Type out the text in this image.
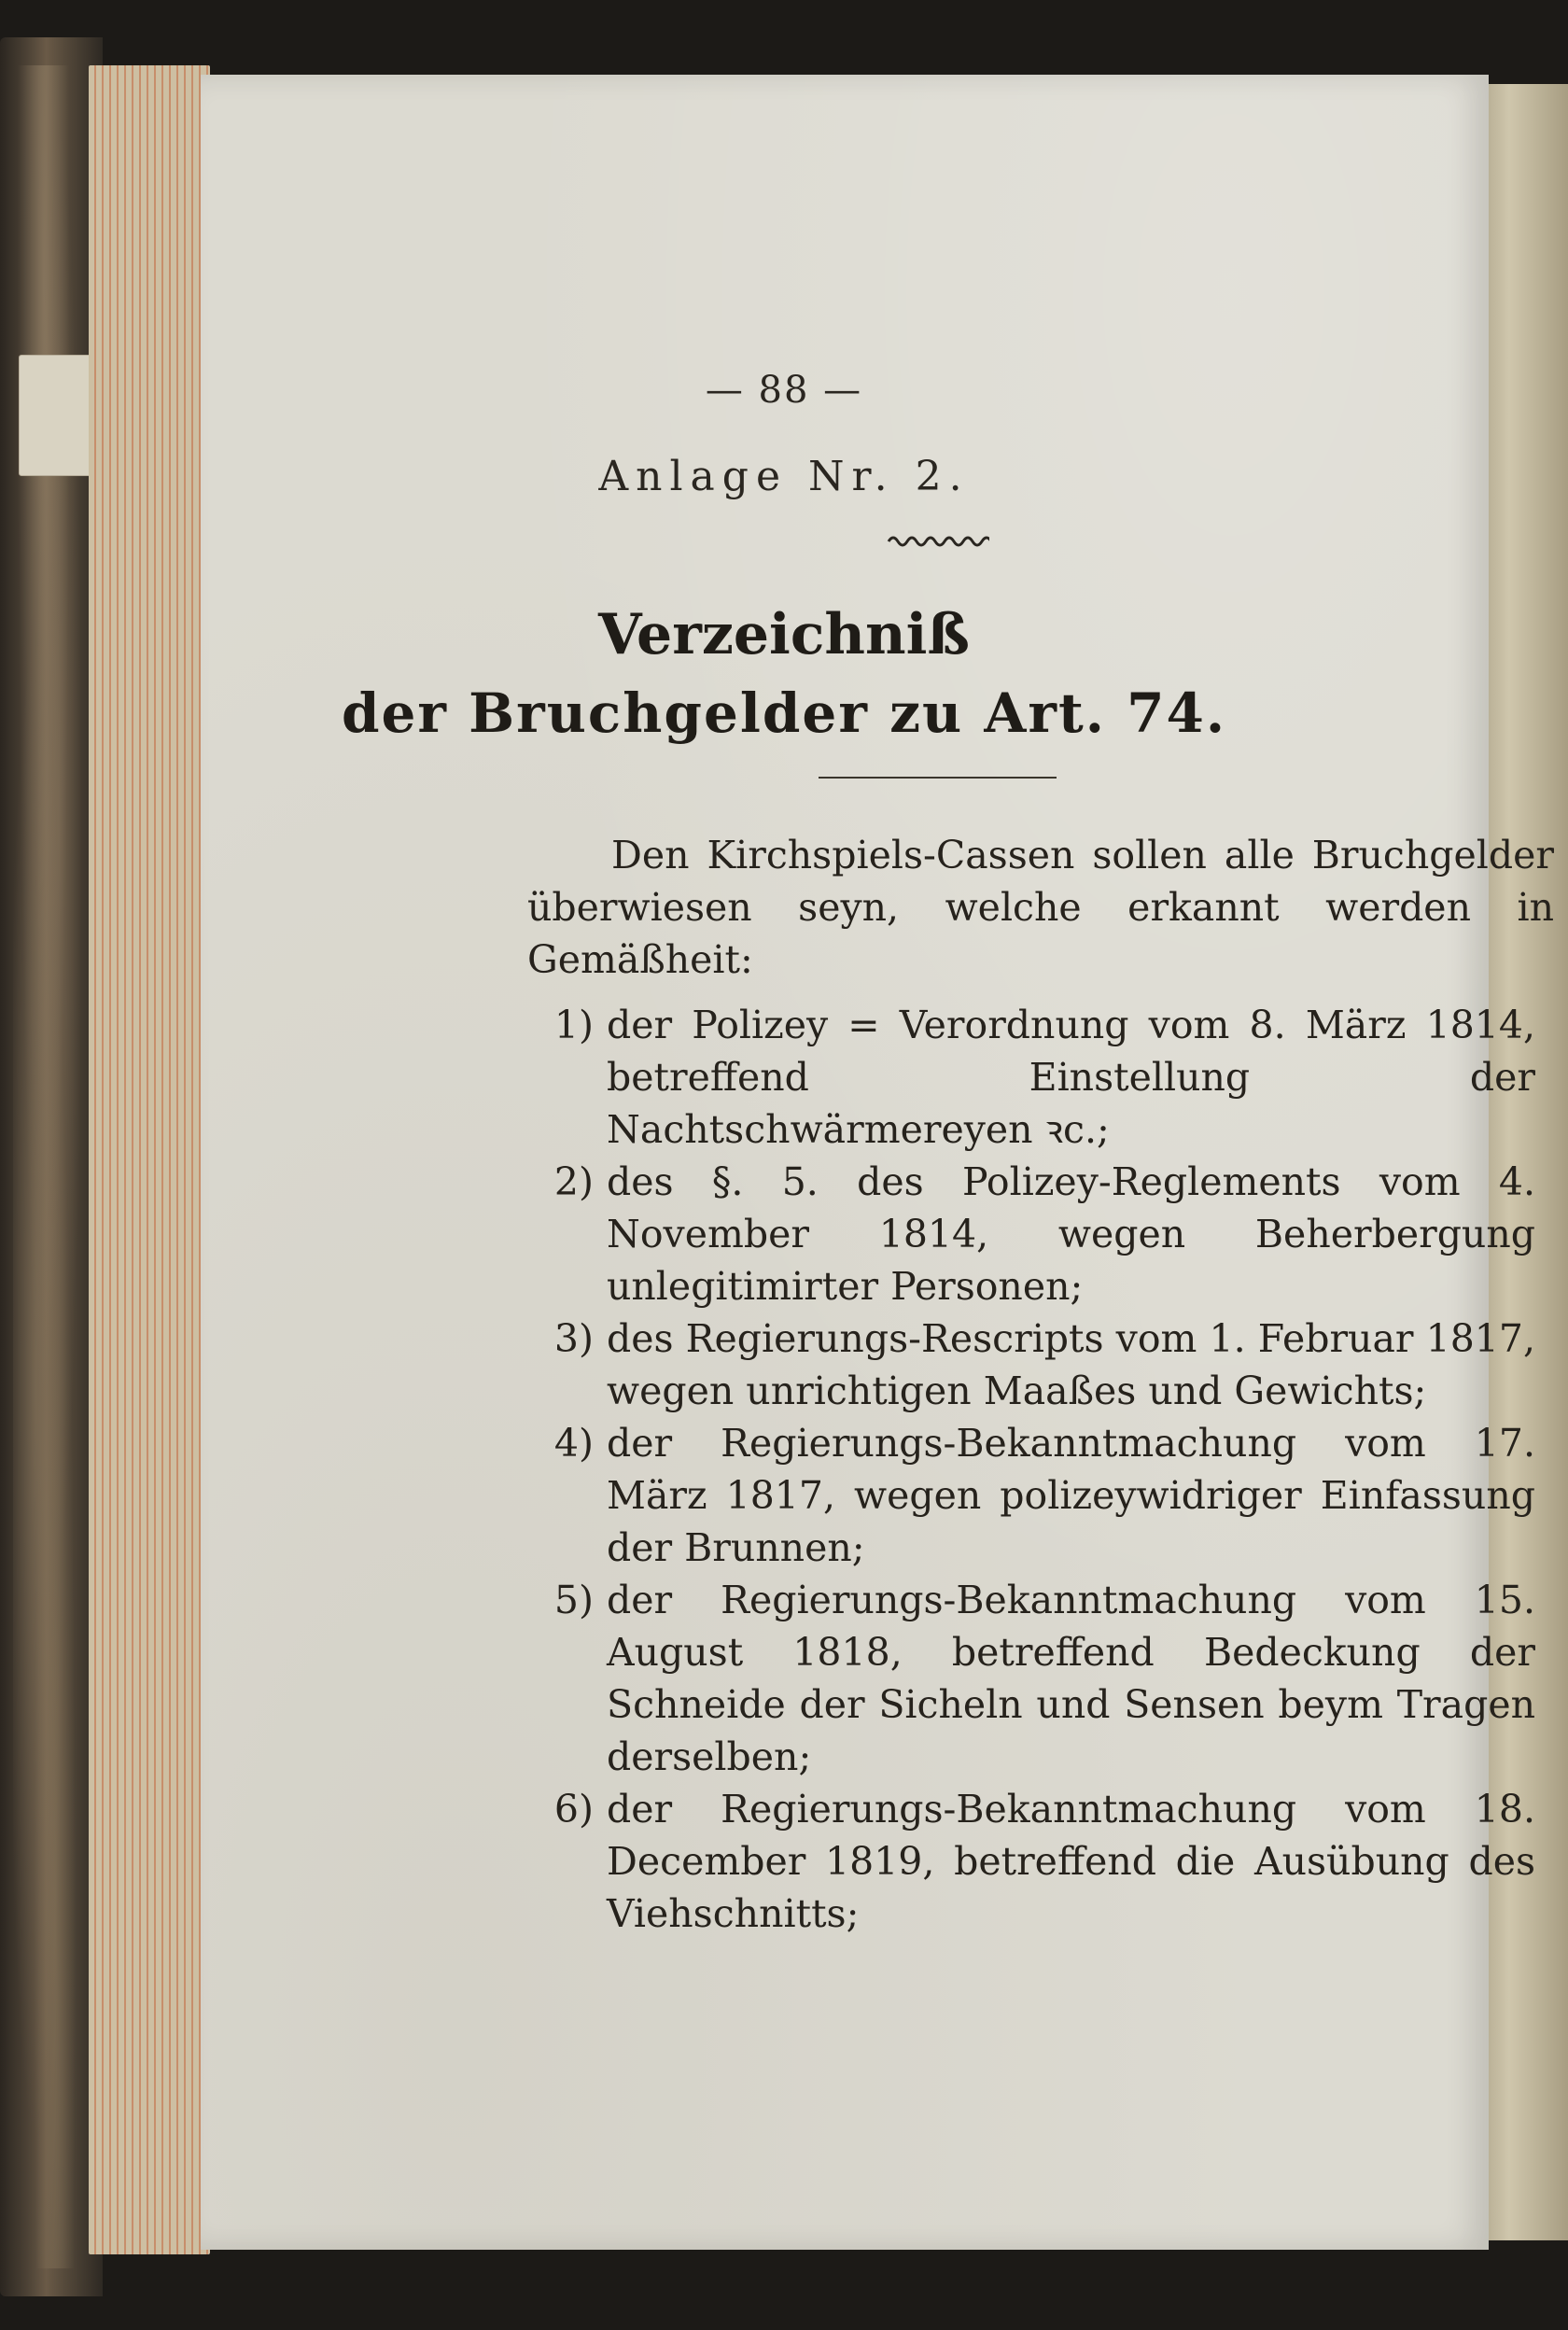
— 88 —
Anlage Nr. 2.
Verzeichniß
der Bruchgelder zu Art. 74.
Den Kirchspiels-Cassen sollen alle Bruchgelder überwiesen seyn, welche erkannt werden in Gemäßheit:
1) der Polizey = Verordnung vom 8. März 1814, betreffend Einstellung der Nachtschwärmereyen ꝛc.;
2) des §. 5. des Polizey-Reglements vom 4. November 1814, wegen Beherbergung unlegitimirter Personen;
3) des Regierungs-Rescripts vom 1. Februar 1817, wegen unrichtigen Maaßes und Gewichts;
4) der Regierungs-Bekanntmachung vom 17. März 1817, wegen polizeywidriger Einfassung der Brunnen;
5) der Regierungs-Bekanntmachung vom 15. August 1818, betreffend Bedeckung der Schneide der Sicheln und Sensen beym Tragen derselben;
6) der Regierungs-Bekanntmachung vom 18. December 1819, betreffend die Ausübung des Viehschnitts;
